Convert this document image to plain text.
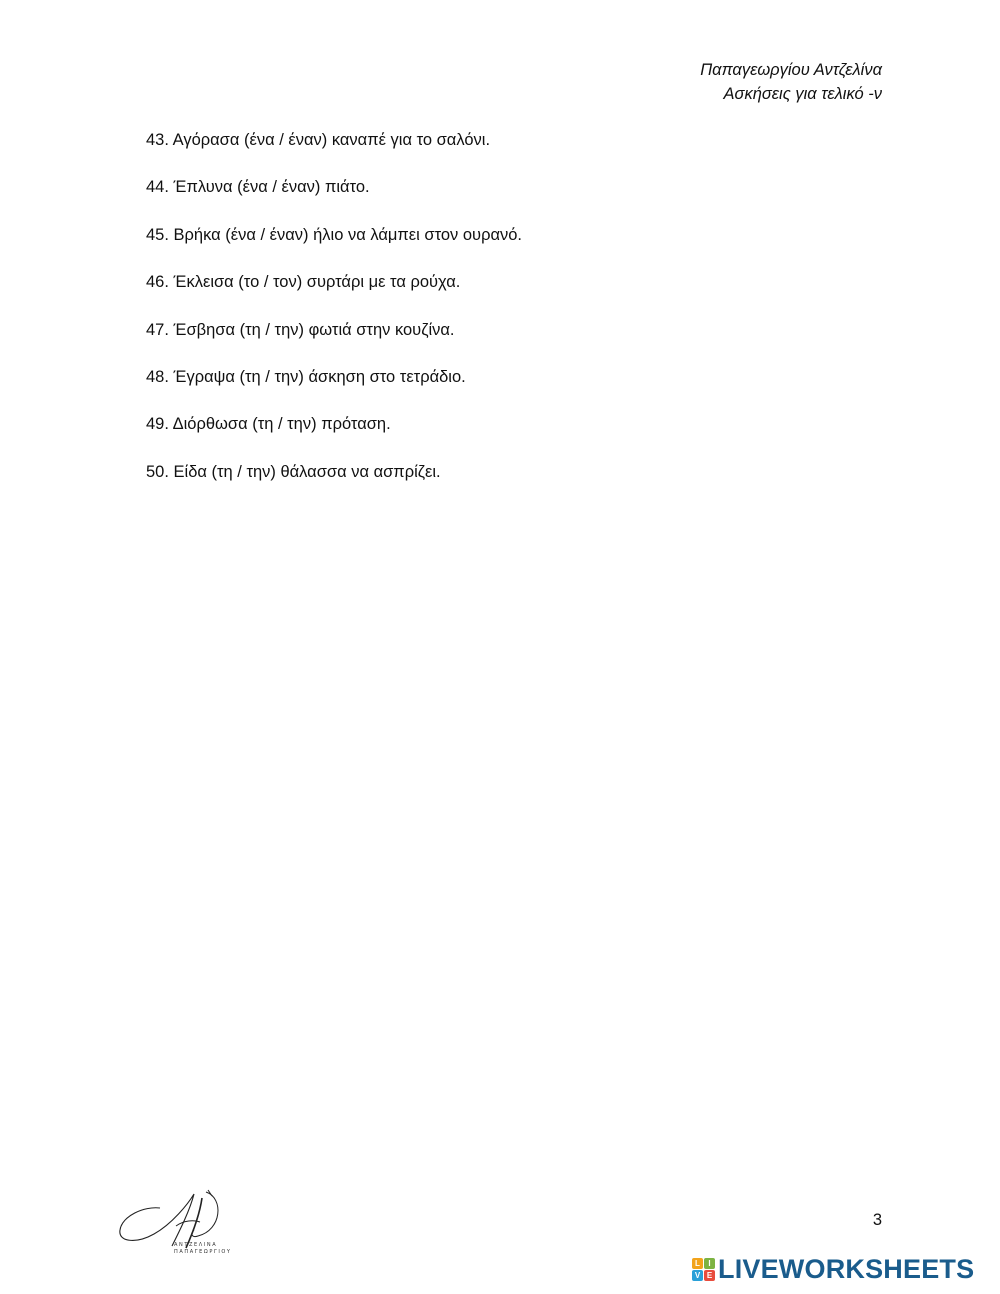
Παπαγεωργίου Αντζελίνα
Ασκήσεις για τελικό -ν
43. Αγόρασα (ένα / έναν) καναπέ για το σαλόνι.
44. Έπλυνα (ένα / έναν) πιάτο.
45. Βρήκα (ένα / έναν) ήλιο να λάμπει στον ουρανό.
46. Έκλεισα (το / τον) συρτάρι με τα ρούχα.
47. Έσβησα (τη / την) φωτιά στην κουζίνα.
48. Έγραψα (τη / την) άσκηση στο τετράδιο.
49. Διόρθωσα (τη / την) πρόταση.
50. Είδα (τη / την) θάλασσα να ασπρίζει.
ΑΝΤΖΕΛΙΝΑ
ΠΑΠΑΓΕΩΡΓΙΟΥ
3
L	I
V E LIVEWORKSHEETS
